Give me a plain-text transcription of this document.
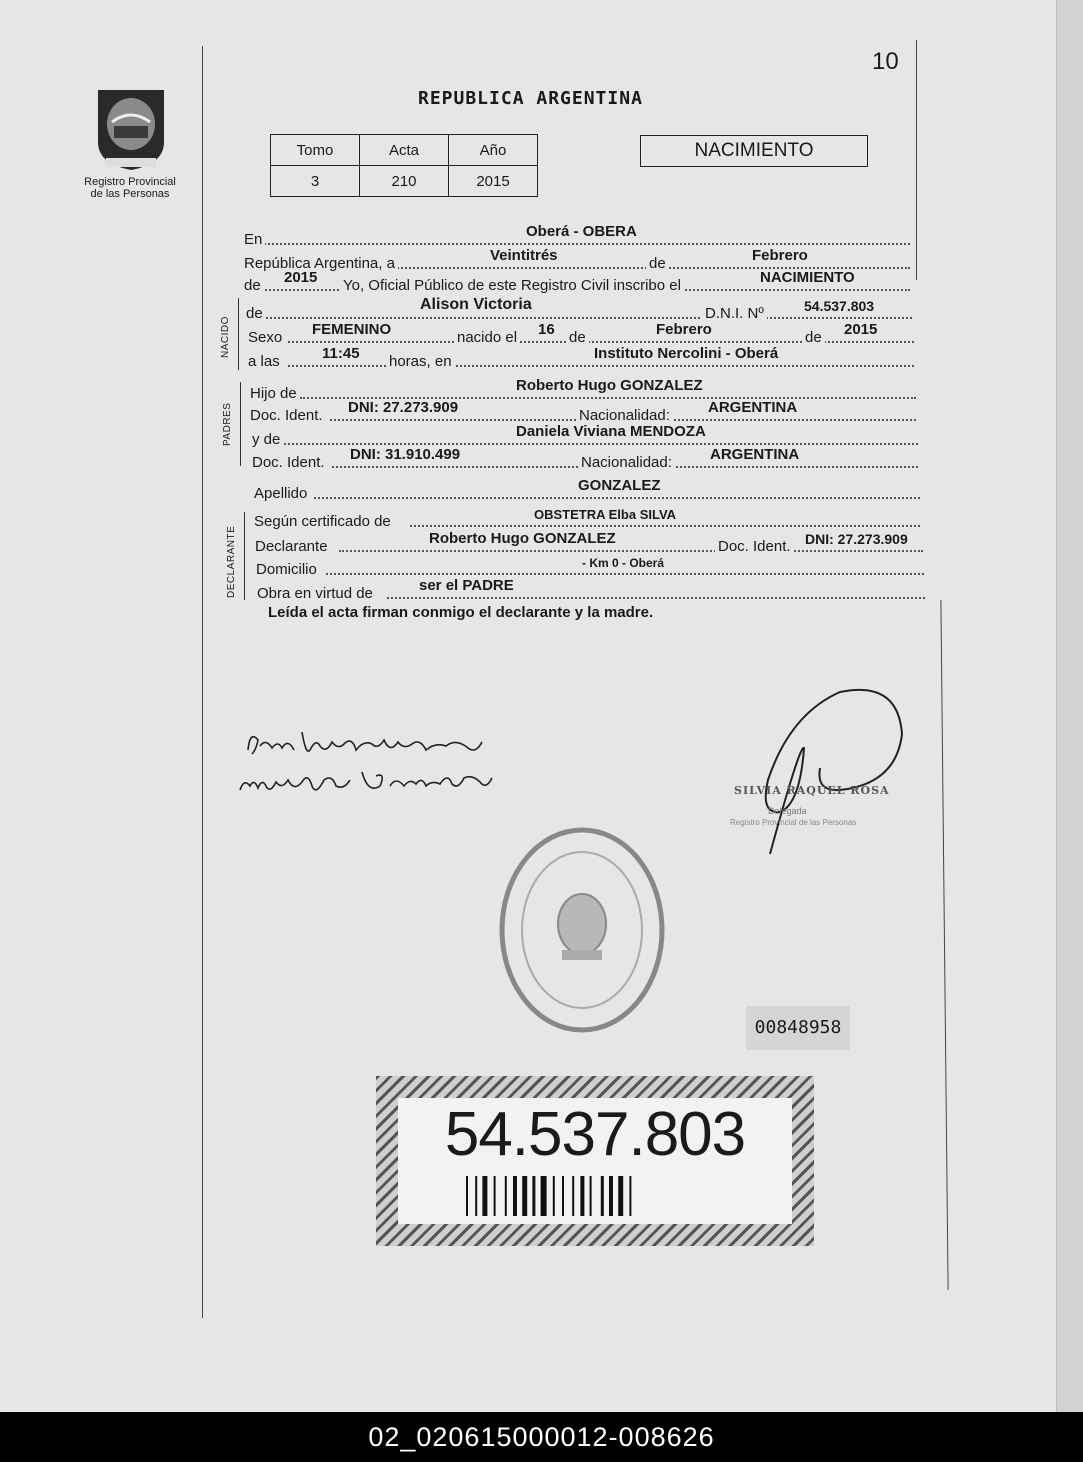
10
Registro Provincial
de las Personas
REPUBLICA ARGENTINA
Tomo	Acta	Año
3	210	2015
NACIMIENTO
En	Oberá - OBERA
República Argentina, a	Veintitrés	de	Febrero
de 2015 Yo, Oficial Público de este Registro Civil inscribo el	NACIMIENTO
NACIDO
de
Alison Victoria
D.N.I. Nº	54.537.803
Sexo FEMENINO	nacido el 16 de	Febrero	de 2015
a las	11:45 horas, en	Instituto Nercolini - Oberá
PADRES
Hijo de	Roberto Hugo GONZALEZ
Doc. Ident. DNI: 27.273.909	Nacionalidad:	ARGENTINA
y de	Daniela Viviana MENDOZA
Doc. Ident. DNI: 31.910.499	Nacionalidad:	ARGENTINA
Apellido	GONZALEZ
DECLARANTE
Según certificado de	OBSTETRA Elba SILVA
Declarante	Roberto Hugo GONZALEZ	Doc. Ident. DNI: 27.273.909
Domicilio	- Km 0 - Oberá
Obra en virtud de	ser el PADRE
Leída el acta firman conmigo el declarante y la madre.
SILVIA RAQUEL ROSA
Delegada
Registro Provincial de las Personas
00848958
54.537.803
02_020615000012-008626
